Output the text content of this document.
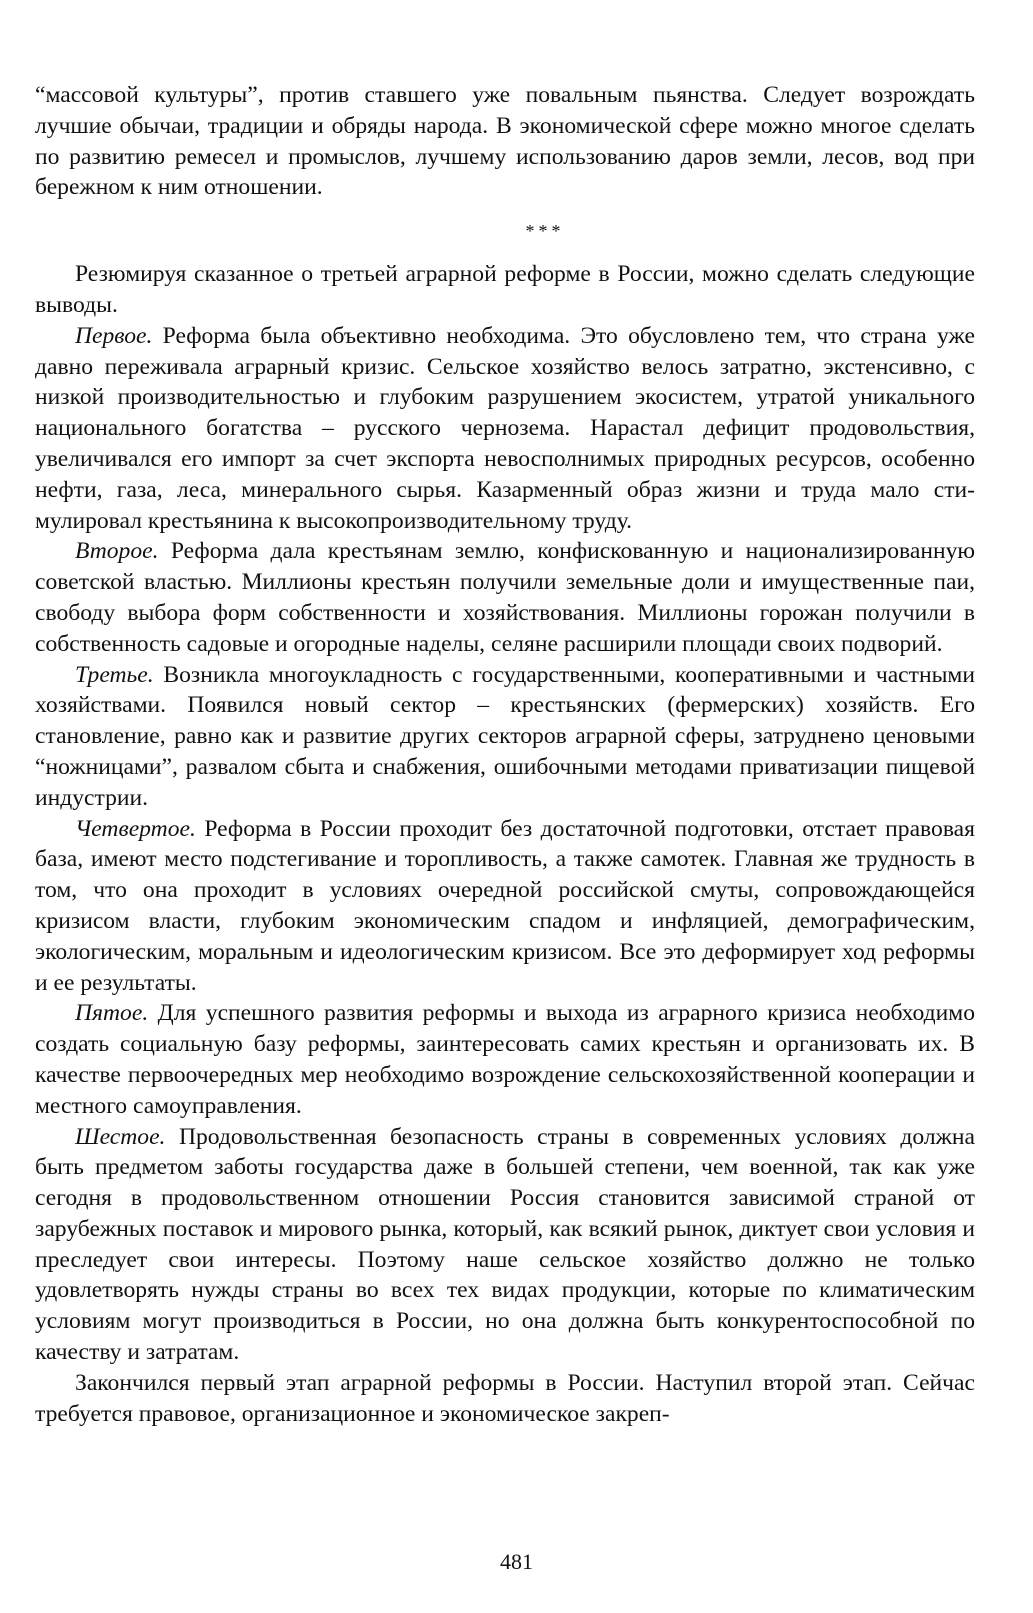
“массовой культуры”, против ставшего уже повальным пьянства. Следует возрождать лучшие обычаи, традиции и обряды народа. В экономической сфере можно многое сделать по развитию ремесел и промыслов, лучшему использованию даров земли, лесов, вод при бережном к ним отношении.

***

Резюмируя сказанное о третьей аграрной реформе в России, можно сделать следующие выводы.

Первое. Реформа была объективно необходима. Это обусловлено тем, что страна уже давно переживала аграрный кризис. Сельское хозяйство велось затратно, экстенсивно, с низкой производительностью и глубоким разрушением экосистем, утратой уникального национального богатства – русского чернозема. Нарастал дефицит продовольствия, увеличивался его импорт за счет экспорта невосполнимых природных ресурсов, особенно нефти, газа, леса, минерального сырья. Казарменный образ жизни и труда мало стимулировал крестьянина к высокопроизводительному труду.

Второе. Реформа дала крестьянам землю, конфискованную и национализированную советской властью. Миллионы крестьян получили земельные доли и имущественные паи, свободу выбора форм собственности и хозяйствования. Миллионы горожан получили в собственность садовые и огородные наделы, селяне расширили площади своих подворий.

Третье. Возникла многоукладность с государственными, кооперативными и частными хозяйствами. Появился новый сектор – крестьянских (фермерских) хозяйств. Его становление, равно как и развитие других секторов аграрной сферы, затруднено ценовыми “ножницами”, развалом сбыта и снабжения, ошибочными методами приватизации пищевой индустрии.

Четвертое. Реформа в России проходит без достаточной подготовки, отстает правовая база, имеют место подстегивание и торопливость, а также самотек. Главная же трудность в том, что она проходит в условиях очередной российской смуты, сопровождающейся кризисом власти, глубоким экономическим спадом и инфляцией, демографическим, экологическим, моральным и идеологическим кризисом. Все это деформирует ход реформы и ее результаты.

Пятое. Для успешного развития реформы и выхода из аграрного кризиса необходимо создать социальную базу реформы, заинтересовать самих крестьян и организовать их. В качестве первоочередных мер необходимо возрождение сельскохозяйственной кооперации и местного самоуправления.

Шестое. Продовольственная безопасность страны в современных условиях должна быть предметом заботы государства даже в большей степени, чем военной, так как уже сегодня в продовольственном отношении Россия становится зависимой страной от зарубежных поставок и мирового рынка, который, как всякий рынок, диктует свои условия и преследует свои интересы. Поэтому наше сельское хозяйство должно не только удовлетворять нужды страны во всех тех видах продукции, которые по климатическим условиям могут производиться в России, но она должна быть конкурентоспособной по качеству и затратам.

Закончился первый этап аграрной реформы в России. Наступил второй этап. Сейчас требуется правовое, организационное и экономическое закреп-

481
